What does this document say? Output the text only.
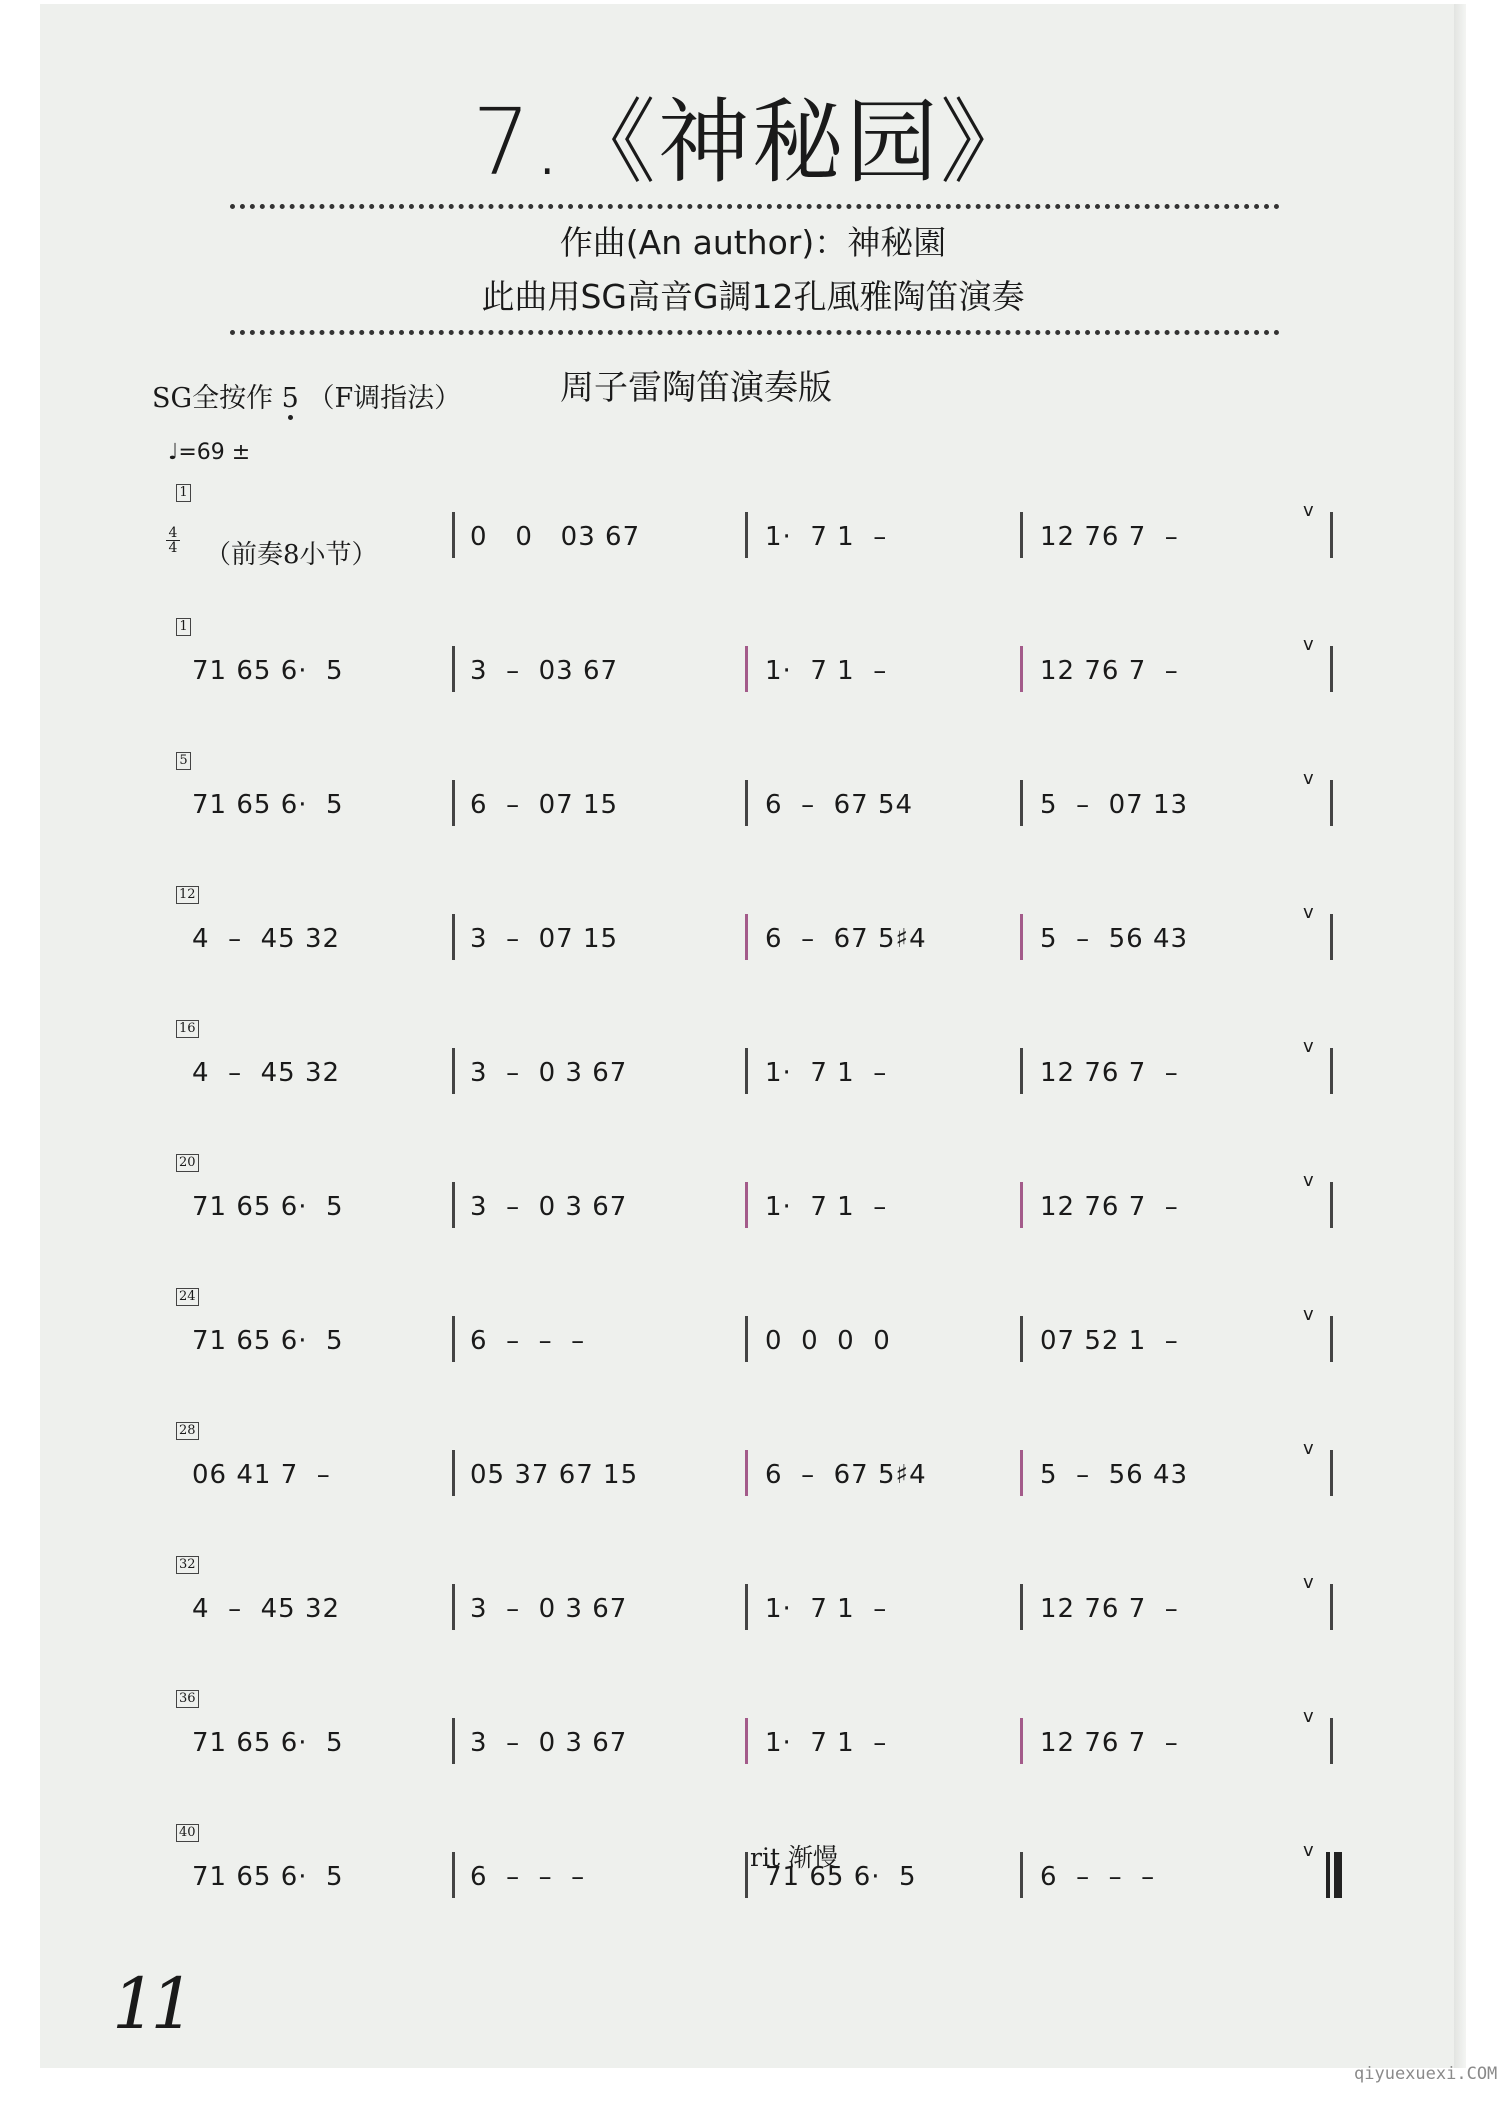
7.《神秘园》
作曲(An author)：神秘園
此曲用SG高音G調12孔風雅陶笛演奏
SG全按作 5 （F调指法）	周子雷陶笛演奏版
♩=69 ±
4
4 （前奏8小节）
1
0   0   03 67	1·  7 1  –	12 76 7  –
v
1
71 65 6·  5	3  –  03 67	1·  7 1  –	12 76 7  –
v
5
71 65 6·  5	6  –  07 15	6  –  67 54	5  –  07 13
v
12
4  –  45 32	3  –  07 15	6  –  67 5♯4	5  –  56 43
v
16
4  –  45 32	3  –  0 3 67	1·  7 1  –	12 76 7  –
v
20
71 65 6·  5	3  –  0 3 67	1·  7 1  –	12 76 7  –
v
24
71 65 6·  5	6  –  –  –	0  0  0  0	07 52 1  –
v
28
06 41 7  –	05 37 67 15	6  –  67 5♯4	5  –  56 43
v
32
4  –  45 32	3  –  0 3 67	1·  7 1  –	12 76 7  –
v
36
71 65 6·  5	3  –  0 3 67	1·  7 1  –	12 76 7  –
v
40
71 65 6·  5	6  –  –  –	71 65 6·  5	6  –  –  –
v
rit 渐慢
11
qiyuexuexi.COM
